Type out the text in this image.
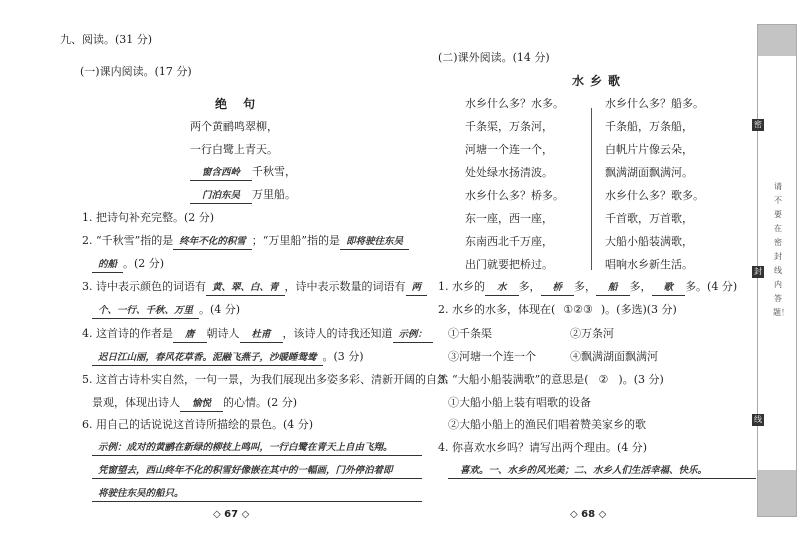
九、阅读。(31 分)
(一)课内阅读。(17 分)
绝 句
两个黄鹂鸣翠柳，
一行白鹭上青天。
窗含西岭 千秋雪，
门泊东吴 万里船。
1. 把诗句补充完整。(2 分)
2. “千秋雪”指的是 终年不化的积雪 ；“万里船”指的是 即将驶往东吴
的船 。(2 分)
3. 诗中表示颜色的词语有 黄、翠、白、青 ，诗中表示数量的词语有 两
个、一行、千秋、万里 。(4 分)
4. 这首诗的作者是 唐 朝诗人 杜甫 ，该诗人的诗我还知道 示例：
迟日江山丽，春风花草香。泥融飞燕子，沙暖睡鸳鸯 。(3 分)
5. 这首古诗朴实自然，一句一景，为我们展现出多姿多彩、清新开阔的自然
景观，体现出诗人 愉悦 的心情。(2 分)
6. 用自己的话说说这首诗所描绘的景色。(4 分)
示例：成对的黄鹂在新绿的柳枝上鸣叫，一行白鹭在青天上自由飞翔。
凭窗望去，西山终年不化的积雪好像嵌在其中的一幅画，门外停泊着即
将驶往东吴的船只。
◇ 67 ◇
(二)课外阅读。(14 分)
水乡歌
水乡什么多？水多。	水乡什么多？船多。
千条渠，万条河，	千条船，万条船，
河塘一个连一个，	白帆片片像云朵，
处处绿水扬清波。	飘满湖面飘满河。
水乡什么多？桥多。	水乡什么多？歌多。
东一座，西一座，	千首歌，万首歌，
东南西北千万座，	大船小船装满歌，
出门就要把桥过。	唱响水乡新生活。
1. 水乡的 水 多， 桥 多， 船 多， 歌 多。(4 分)
2. 水乡的水多，体现在( ①②③ )。(多选)(3 分)
①千条渠	②万条河
③河塘一个连一个	④飘满湖面飘满河
3. “大船小船装满歌”的意思是( ② )。(3 分)
①大船小船上装有唱歌的设备
②大船小船上的渔民们唱着赞美家乡的歌
4. 你喜欢水乡吗？请写出两个理由。(4 分)
喜欢。一、水乡的风光美；二、水乡人们生活幸福、快乐。
◇ 68 ◇
密
封
线
请不要在密封线内答题！
